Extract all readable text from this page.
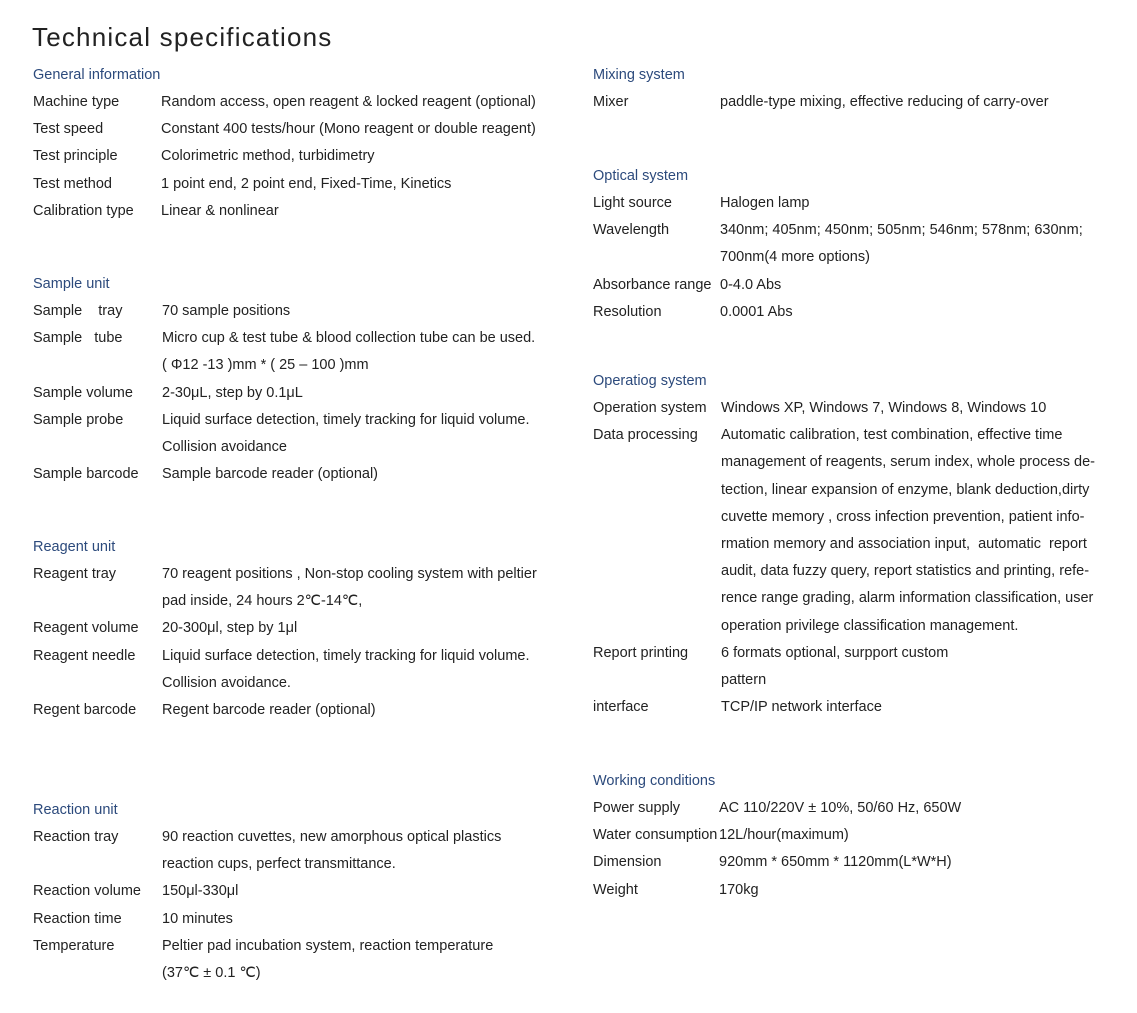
Technical specifications
General information
Machine type	Random access, open reagent & locked reagent (optional)
Test speed	Constant 400 tests/hour (Mono reagent or double reagent)
Test principle	Colorimetric method, turbidimetry
Test method	1 point end, 2 point end, Fixed-Time, Kinetics
Calibration type	Linear & nonlinear
Sample unit
Sample    tray	70 sample positions
Sample   tube	Micro cup & test tube & blood collection tube can be used.
( Φ12 -13 )mm * ( 25 – 100 )mm
Sample volume	2-30μL, step by 0.1μL
Sample probe	Liquid surface detection, timely tracking for liquid volume.
Collision avoidance
Sample barcode	Sample barcode reader (optional)
Reagent unit
Reagent tray	70 reagent positions , Non-stop cooling system with peltier
pad inside, 24 hours 2℃-14℃,
Reagent volume	20-300μl, step by 1μl
Reagent needle	Liquid surface detection, timely tracking for liquid volume.
Collision avoidance.
Regent barcode	Regent barcode reader (optional)
Reaction unit
Reaction tray	90 reaction cuvettes, new amorphous optical plastics
reaction cups, perfect transmittance.
Reaction volume	150μl-330μl
Reaction time	10 minutes
Temperature	Peltier pad incubation system, reaction temperature
(37℃ ± 0.1 ℃)
Mixing system
Mixer	paddle-type mixing, effective reducing of carry-over
Optical system
Light source	Halogen lamp
Wavelength	340nm; 405nm; 450nm; 505nm; 546nm; 578nm; 630nm;
700nm(4 more options)
Absorbance range 0-4.0 Abs
Resolution	0.0001 Abs
Operatiog system
Operation system Windows XP, Windows 7, Windows 8, Windows 10
Data processing	Automatic calibration, test combination, effective time
management of reagents, serum index, whole process de-
tection, linear expansion of enzyme, blank deduction,dirty
cuvette memory , cross infection prevention, patient info-
rmation memory and association input,  automatic  report
audit, data fuzzy query, report statistics and printing, refe-
rence range grading, alarm information classification, user
operation privilege classification management.
Report printing	6 formats optional, surpport custom
pattern
interface	TCP/IP network interface
Working conditions
Power supply	AC 110/220V ± 10%, 50/60 Hz, 650W
Water consumption 12L/hour(maximum)
Dimension	920mm * 650mm * 1120mm(L*W*H)
Weight	170kg
